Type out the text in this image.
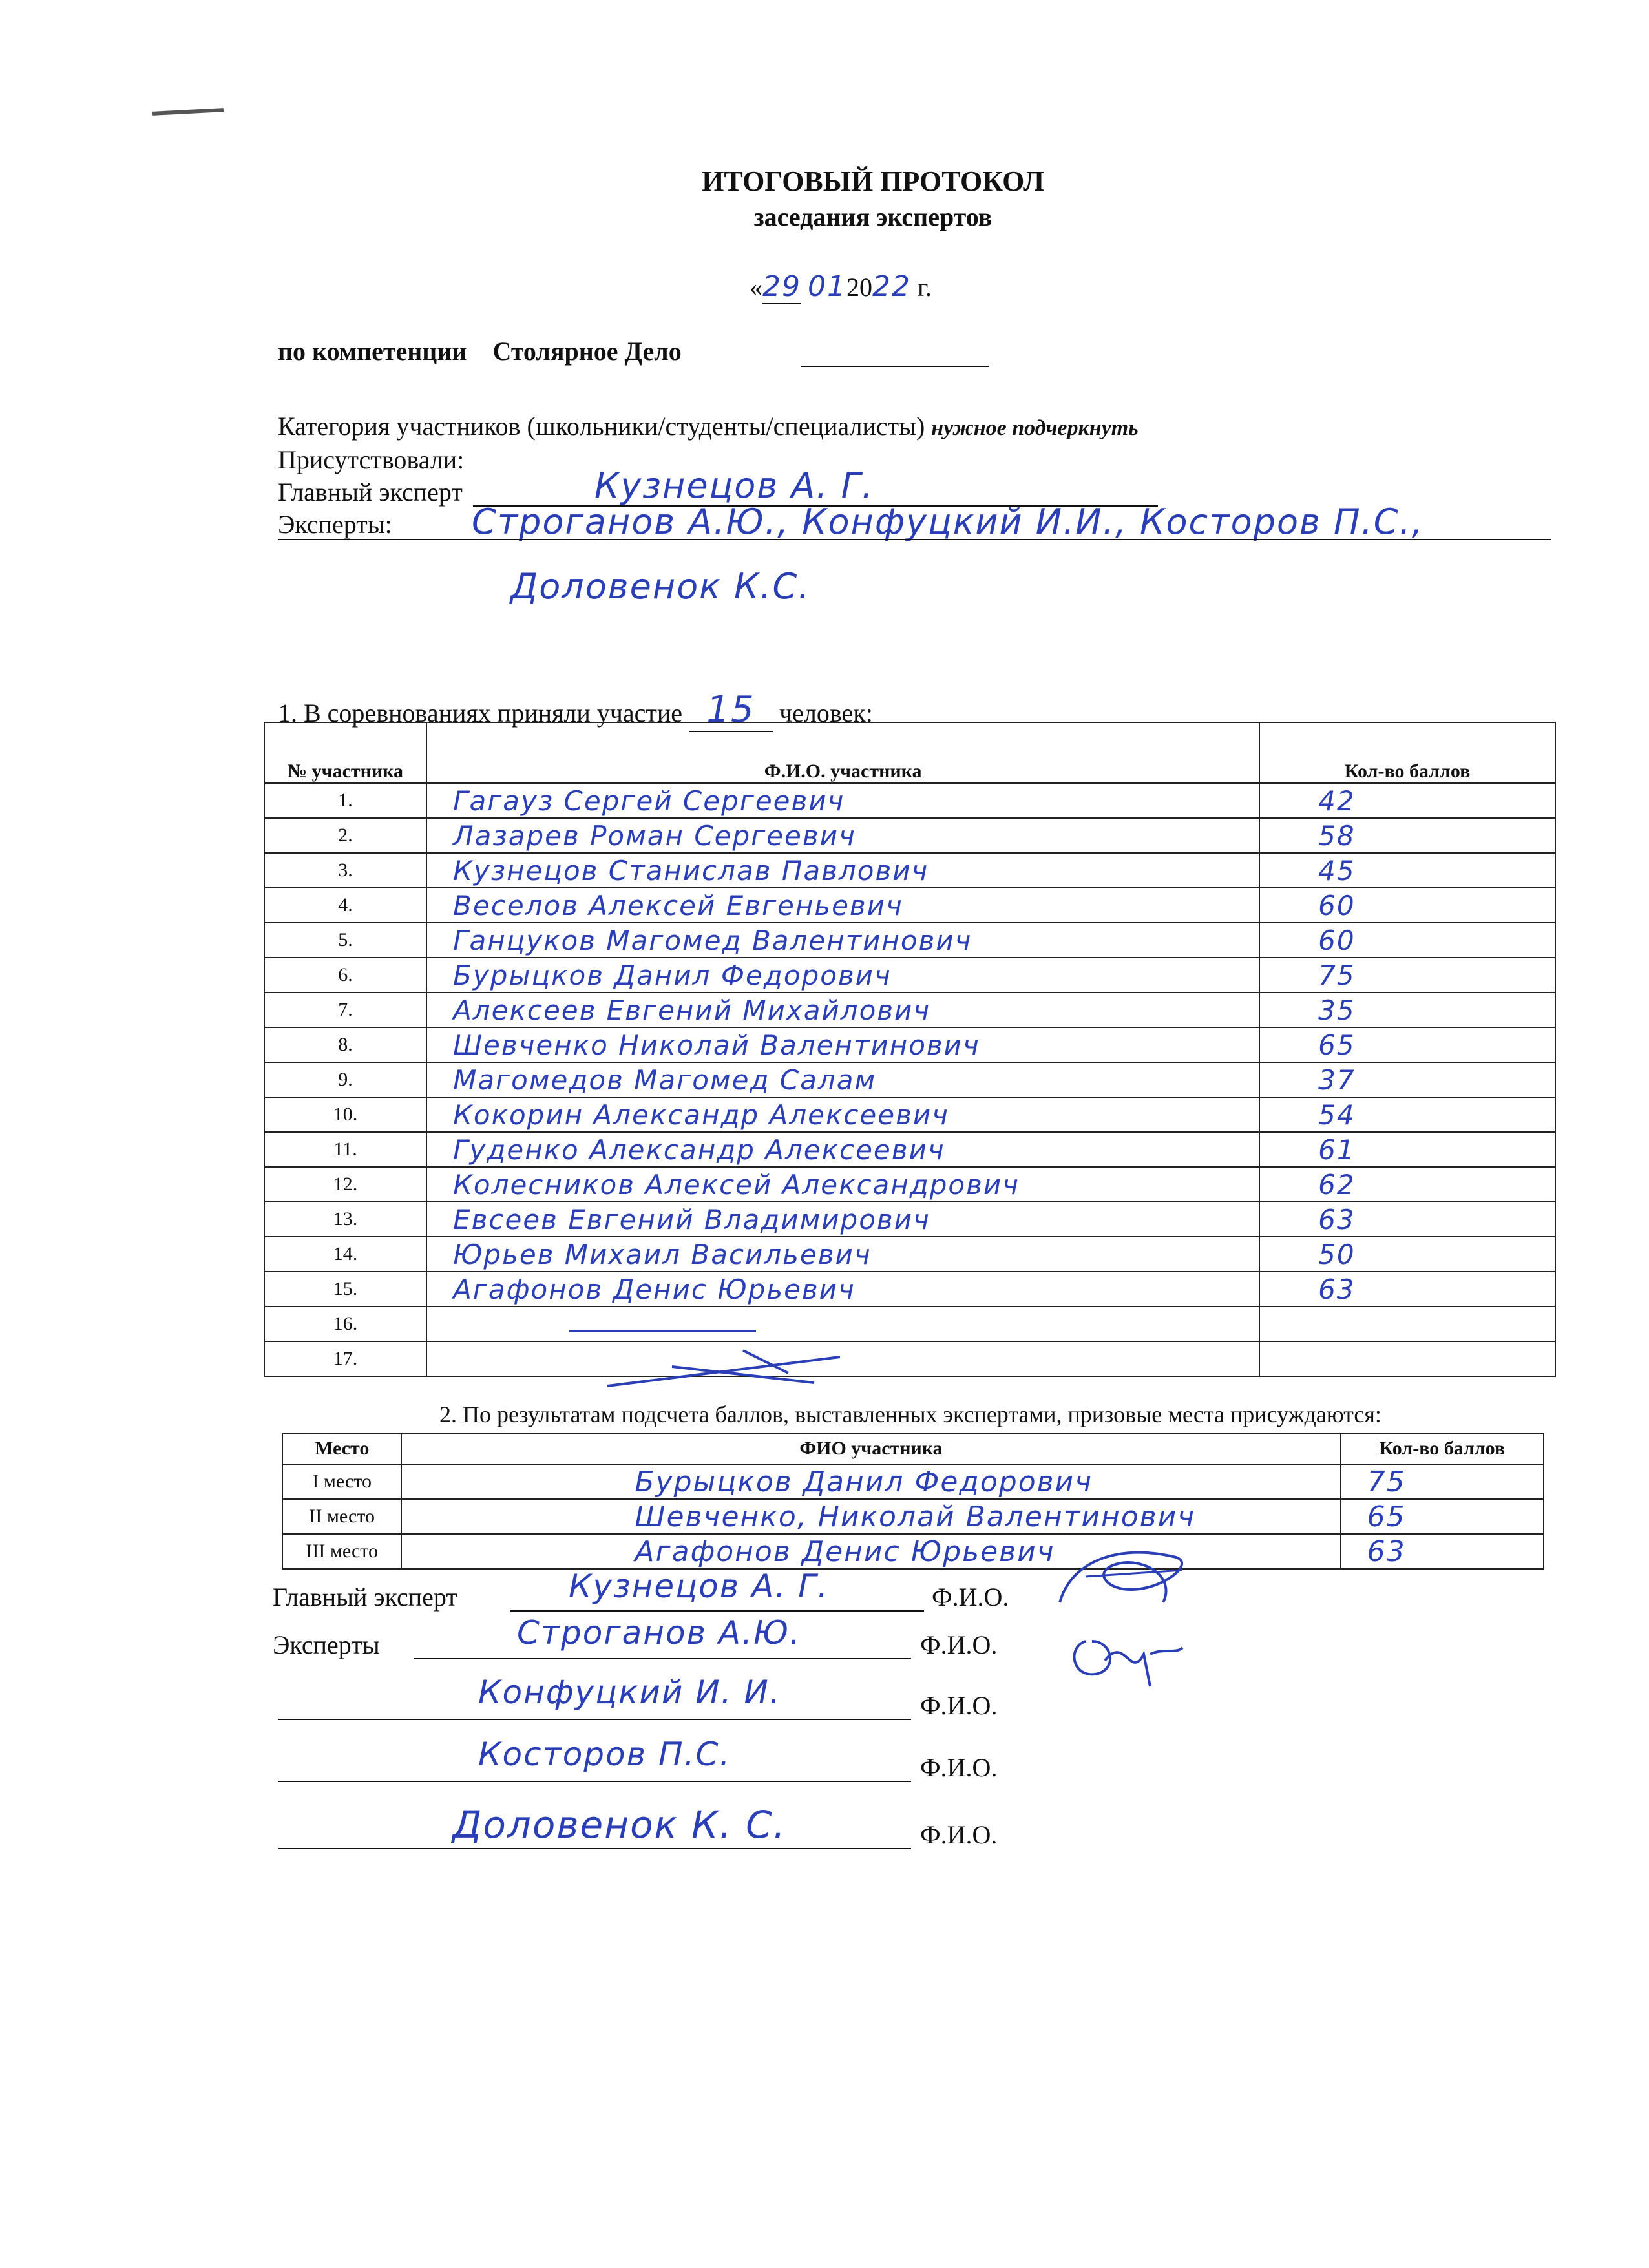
ИТОГОВЫЙ ПРОТОКОЛ
заседания экспертов
«29 012022 г.
по компетенции Столярное Дело
Категория участников (школьники/студенты/специалисты) нужное подчеркнуть
Присутствовали:
Главный эксперт	Кузнецов А. Г.
Эксперты: Строганов А.Ю., Конфуцкий И.И., Косторов П.С.,
Доловенок К.С.
1. В соревнованиях приняли участие 15 человек:
№ участника	Ф.И.О. участника	Кол-во баллов
1.	Гагауз Сергей Сергеевич	42
2.	Лазарев Роман Сергеевич	58
3.	Кузнецов Станислав Павлович	45
4.	Веселов Алексей Евгеньевич	60
5.	Ганцуков Магомед Валентинович	60
6.	Бурыцков Данил Федорович	75
7.	Алексеев Евгений Михайлович	35
8.	Шевченко Николай Валентинович	65
9.	Магомедов Магомед Салам	37
10.	Кокорин Александр Алексеевич	54
11.	Гуденко Александр Алексеевич	61
12.	Колесников Алексей Александрович	62
13.	Евсеев Евгений Владимирович	63
14.	Юрьев Михаил Васильевич	50
15.	Агафонов Денис Юрьевич	63
16.		
17.		
2. По результатам подсчета баллов, выставленных экспертами, призовые места присуждаются:
Место	ФИО участника	Кол-во баллов
I место	Бурыцков Данил Федорович	75
II место	Шевченко, Николай Валентинович	65
III место	Агафонов Денис Юрьевич	63
Главный эксперт	Кузнецов А. Г.	Ф.И.О.
Эксперты	Строганов А.Ю.	Ф.И.О.
Конфуцкий И. И.	Ф.И.О.
Косторов П.С.	Ф.И.О.
Доловенок К. С.	Ф.И.О.
